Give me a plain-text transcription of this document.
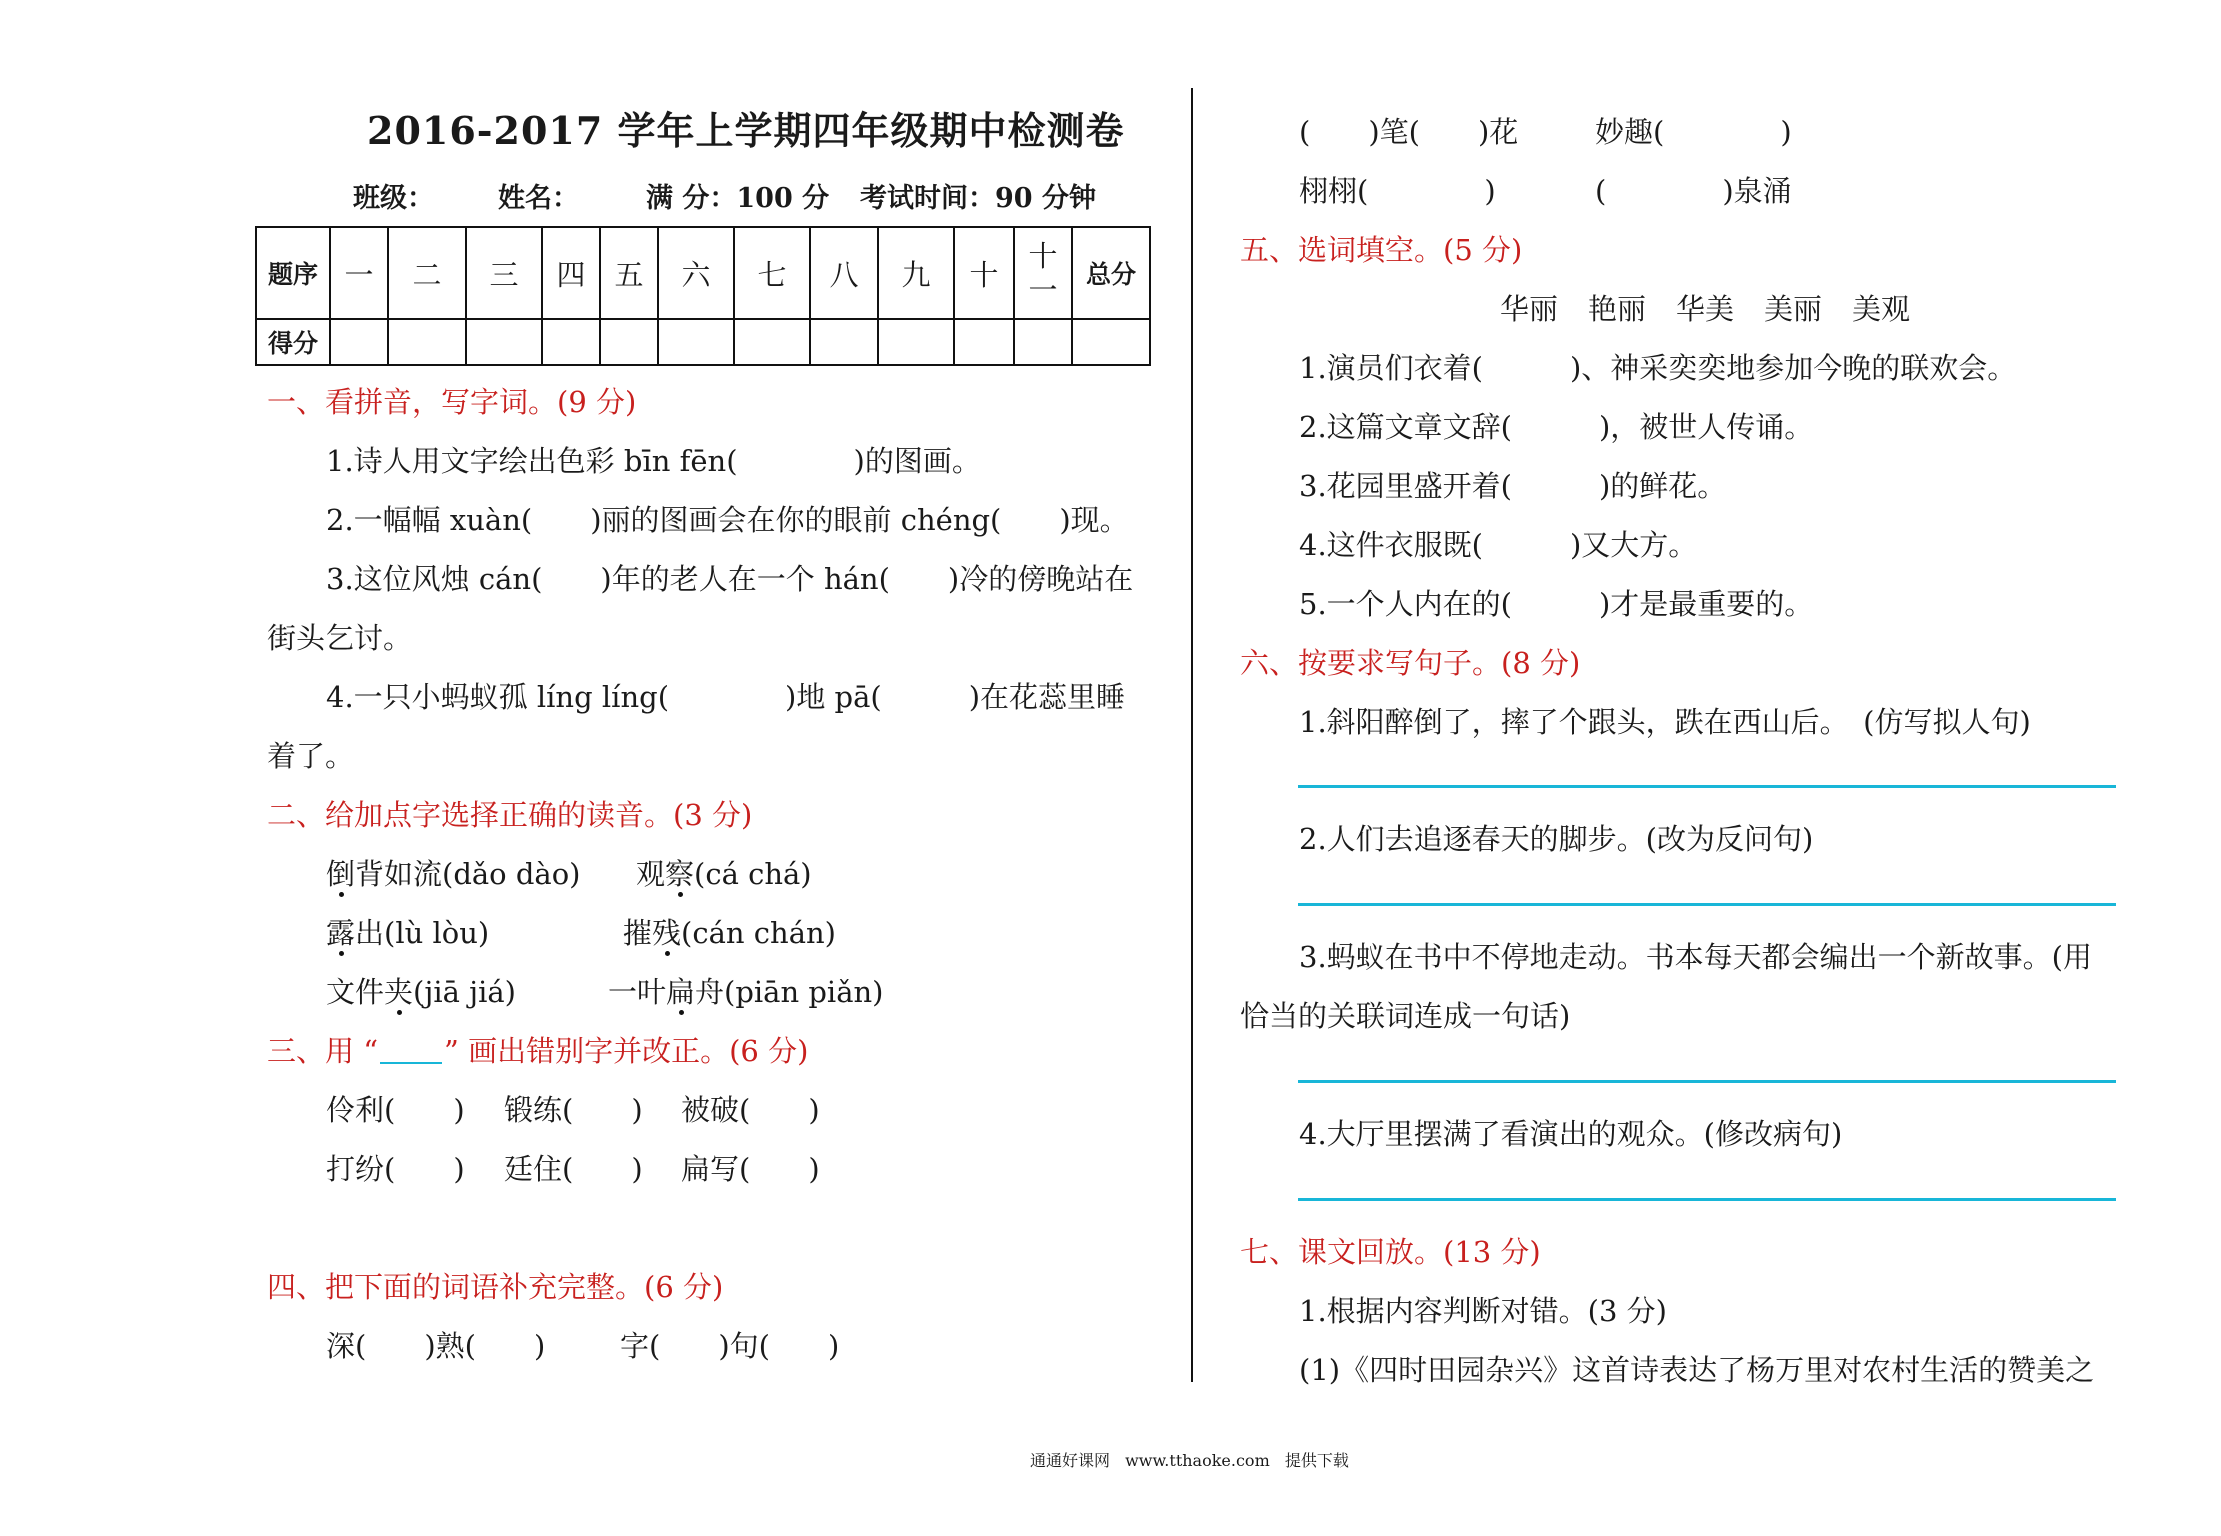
2016-2017 学年上学期四年级期中检测卷
班级： 姓名： 满 分：100 分 考试时间：90 分钟
题序	一	二	三	四	五	六	七	八	九	十	十一	总分
得分												
一、看拼音，写字词。(9 分)
1.诗人用文字绘出色彩 bīn fēn(　　　　)的图画。
2.一幅幅 xuàn(　　)丽的图画会在你的眼前 chéng(　　)现。
3.这位风烛 cán(　　)年的老人在一个 hán(　　)冷的傍晚站在
街头乞讨。
4.一只小蚂蚁孤 líng líng(　　　　)地 pā(　　　)在花蕊里睡
着了。
二、给加点字选择正确的读音。(3 分)
倒背如流(dǎo dào) 观察(cá chá)
露出(lù lòu)	摧残(cán chán)
文件夹(jiā jiá)	一叶扁舟(piān piǎn)
三、用 “ ” 画出错别字并改正。(6 分)
伶利(　　) 锻练(　　) 被破(　　)
打纷(　　) 廷住(　　) 扁写(　　)
四、把下面的词语补充完整。(6 分)
深(　　)熟(　　)	字(　　)句(　　)
(　　)笔(　　)花	妙趣(　　　　)
栩栩(　　　　)	(　　　　)泉涌
五、选词填空。(5 分)
华丽 艳丽 华美 美丽 美观
1.演员们衣着(　　　)、神采奕奕地参加今晚的联欢会。
2.这篇文章文辞(　　　)，被世人传诵。
3.花园里盛开着(　　　)的鲜花。
4.这件衣服既(　　　)又大方。
5.一个人内在的(　　　)才是最重要的。
六、按要求写句子。(8 分)
1.斜阳醉倒了，摔了个跟头，跌在西山后。　(仿写拟人句)
2.人们去追逐春天的脚步。(改为反问句)
3.蚂蚁在书中不停地走动。书本每天都会编出一个新故事。(用
恰当的关联词连成一句话)
4.大厅里摆满了看演出的观众。(修改病句)
七、课文回放。(13 分)
1.根据内容判断对错。(3 分)
(1)《四时田园杂兴》这首诗表达了杨万里对农村生活的赞美之
通通好课网 www.tthaoke.com 提供下载
